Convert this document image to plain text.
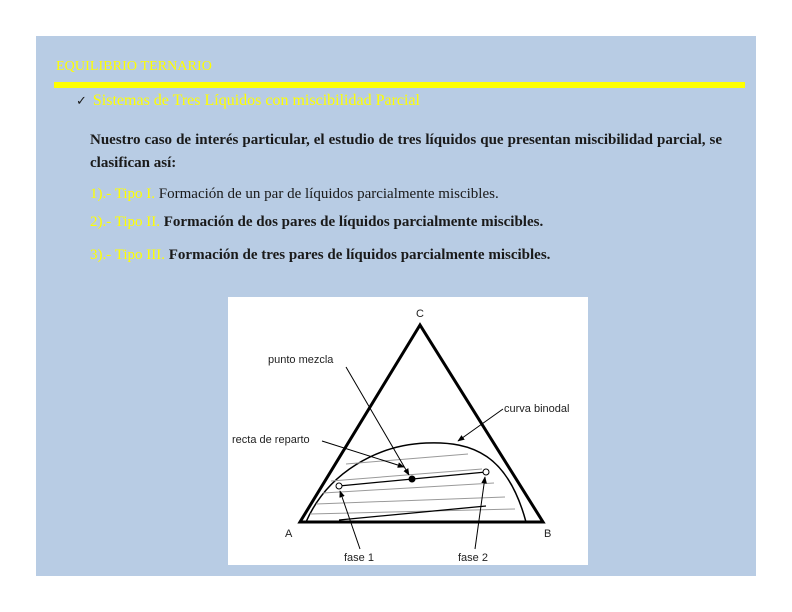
EQUILIBRIO TERNARIO
✓ Sistemas de Tres Líquidos con miscibilidad Parcial
Nuestro caso de interés particular, el estudio de tres líquidos que presentan miscibilidad parcial, se clasifican así:
1).- Tipo I. Formación de un par de líquidos parcialmente miscibles.
2).- Tipo II. Formación de dos pares de líquidos parcialmente miscibles.
3).- Tipo III. Formación de tres pares de líquidos parcialmente miscibles.
C
A	B
punto mezcla
curva binodal
recta de reparto
fase 1	fase 2
